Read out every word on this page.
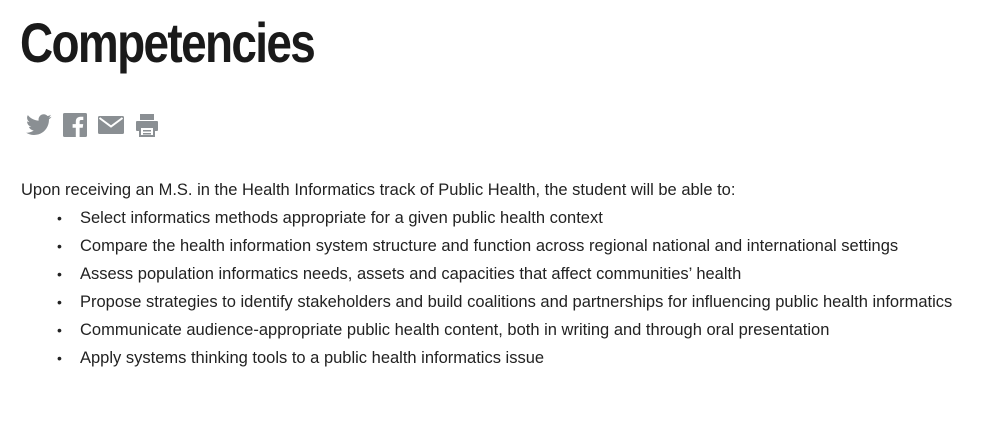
Competencies

Upon receiving an M.S. in the Health Informatics track of Public Health, the student will be able to:

• Select informatics methods appropriate for a given public health context
• Compare the health information system structure and function across regional national and international settings
• Assess population informatics needs, assets and capacities that affect communities’ health
• Propose strategies to identify stakeholders and build coalitions and partnerships for influencing public health informatics
• Communicate audience-appropriate public health content, both in writing and through oral presentation
• Apply systems thinking tools to a public health informatics issue
